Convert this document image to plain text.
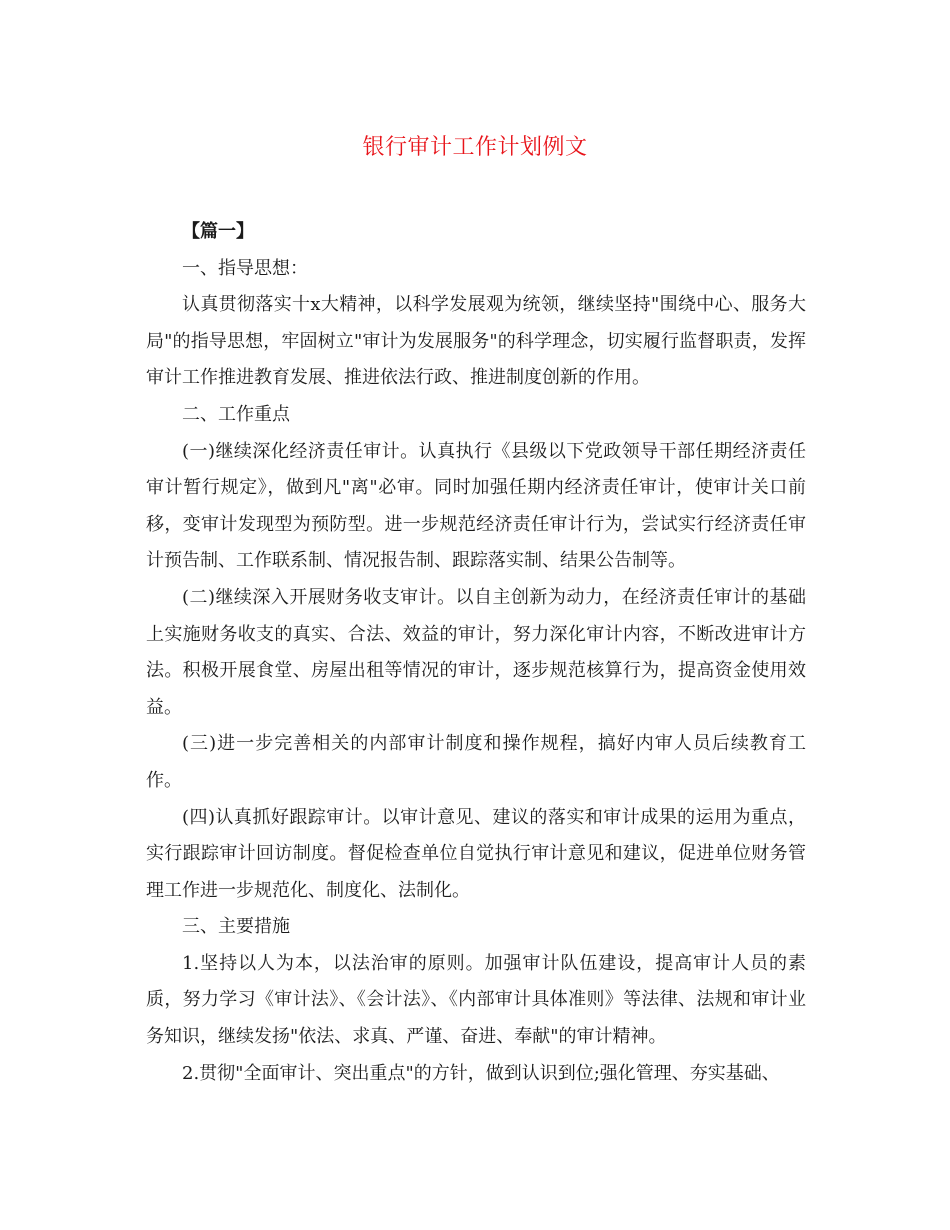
银行审计工作计划例文

【篇一】

一、指导思想：

认真贯彻落实十x大精神，以科学发展观为统领，继续坚持"围绕中心、服务大局"的指导思想，牢固树立"审计为发展服务"的科学理念，切实履行监督职责，发挥审计工作推进教育发展、推进依法行政、推进制度创新的作用。

二、工作重点

(一)继续深化经济责任审计。认真执行《县级以下党政领导干部任期经济责任审计暂行规定》，做到凡"离"必审。同时加强任期内经济责任审计，使审计关口前移，变审计发现型为预防型。进一步规范经济责任审计行为，尝试实行经济责任审计预告制、工作联系制、情况报告制、跟踪落实制、结果公告制等。

(二)继续深入开展财务收支审计。以自主创新为动力，在经济责任审计的基础上实施财务收支的真实、合法、效益的审计，努力深化审计内容，不断改进审计方法。积极开展食堂、房屋出租等情况的审计，逐步规范核算行为，提高资金使用效益。

(三)进一步完善相关的内部审计制度和操作规程，搞好内审人员后续教育工作。

(四)认真抓好跟踪审计。以审计意见、建议的落实和审计成果的运用为重点，实行跟踪审计回访制度。督促检查单位自觉执行审计意见和建议，促进单位财务管理工作进一步规范化、制度化、法制化。

三、主要措施

1.坚持以人为本，以法治审的原则。加强审计队伍建设，提高审计人员的素质，努力学习《审计法》、《会计法》、《内部审计具体准则》等法律、法规和审计业务知识，继续发扬"依法、求真、严谨、奋进、奉献"的审计精神。

2.贯彻"全面审计、突出重点"的方针，做到认识到位;强化管理、夯实基础、
